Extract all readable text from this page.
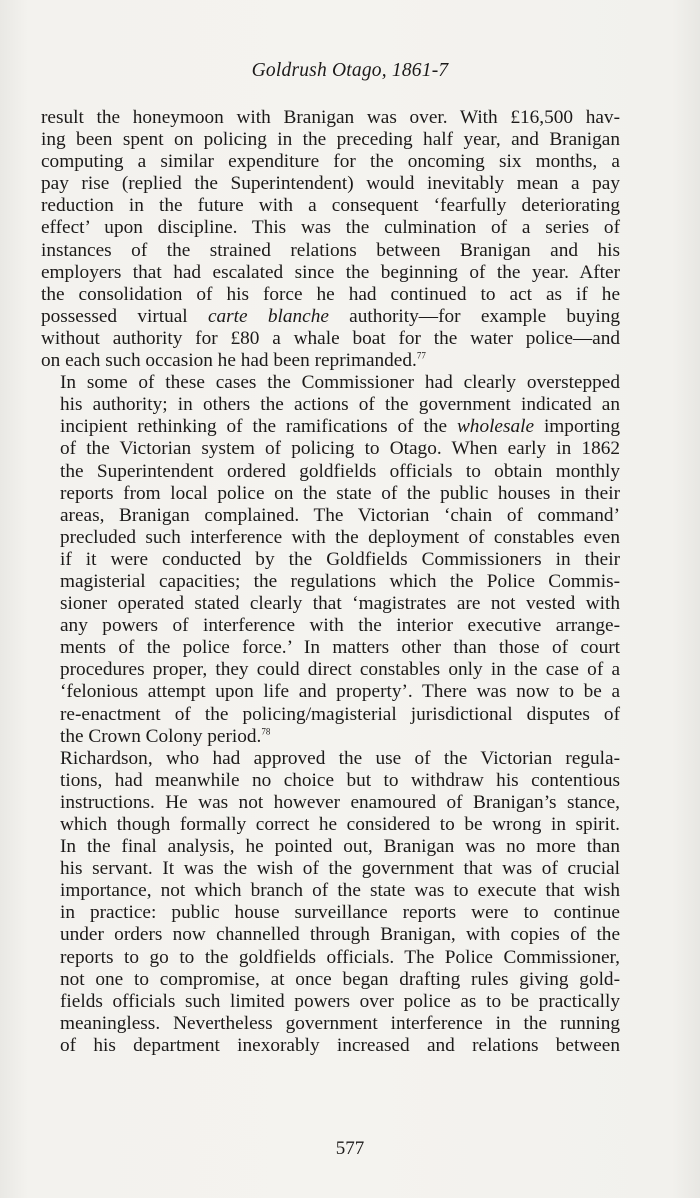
Goldrush Otago, 1861-7

result the honeymoon with Branigan was over. With £16,500 hav-
ing been spent on policing in the preceding half year, and Branigan
computing a similar expenditure for the oncoming six months, a
pay rise (replied the Superintendent) would inevitably mean a pay
reduction in the future with a consequent ‘fearfully deteriorating
effect’ upon discipline. This was the culmination of a series of
instances of the strained relations between Branigan and his
employers that had escalated since the beginning of the year. After
the consolidation of his force he had continued to act as if he
possessed virtual carte blanche authority—for example buying
without authority for £80 a whale boat for the water police—and
on each such occasion he had been reprimanded.$^{77}$

In some of these cases the Commissioner had clearly overstepped
his authority; in others the actions of the government indicated an
incipient rethinking of the ramifications of the wholesale importing
of the Victorian system of policing to Otago. When early in 1862
the Superintendent ordered goldfields officials to obtain monthly
reports from local police on the state of the public houses in their
areas, Branigan complained. The Victorian ‘chain of command’
precluded such interference with the deployment of constables even
if it were conducted by the Goldfields Commissioners in their
magisterial capacities; the regulations which the Police Commis-
sioner operated stated clearly that ‘magistrates are not vested with
any powers of interference with the interior executive arrange-
ments of the police force.’ In matters other than those of court
procedures proper, they could direct constables only in the case of a
‘felonious attempt upon life and property’. There was now to be a
re-enactment of the policing/magisterial jurisdictional disputes of
the Crown Colony period.$^{78}$

Richardson, who had approved the use of the Victorian regula-
tions, had meanwhile no choice but to withdraw his contentious
instructions. He was not however enamoured of Branigan’s stance,
which though formally correct he considered to be wrong in spirit.
In the final analysis, he pointed out, Branigan was no more than
his servant. It was the wish of the government that was of crucial
importance, not which branch of the state was to execute that wish
in practice: public house surveillance reports were to continue
under orders now channelled through Branigan, with copies of the
reports to go to the goldfields officials. The Police Commissioner,
not one to compromise, at once began drafting rules giving gold-
fields officials such limited powers over police as to be practically
meaningless. Nevertheless government interference in the running
of his department inexorably increased and relations between

577
